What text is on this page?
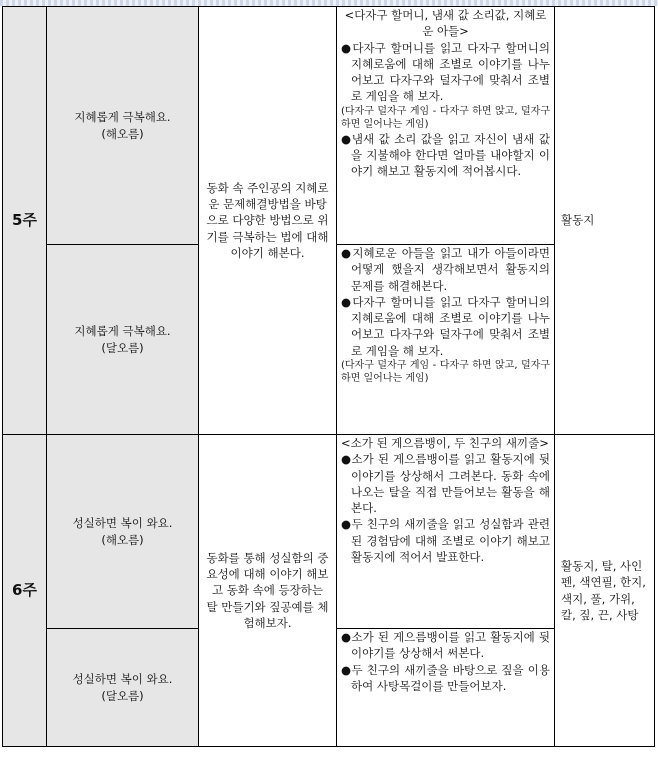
5주	지혜롭게 극복해요.
(해오름)	동화 속 주인공의 지혜로운 문제해결방법을 바탕으로 다양한 방법으로 위기를 극복하는 법에 대해 이야기 해본다.	<다자구 할머니, 냄새 값 소리값, 지혜로운 아들>
●다자구 할머니를 읽고 다자구 할머니의 지혜로움에 대해 조별로 이야기를 나누어보고 다자구와 덜자구에 맞춰서 조별로 게임을 해 보자.
(다자구 덜자구 게임 - 다자구 하면 앉고, 덜자구 하면 일어나는 게임)
●냄새 값 소리 값을 읽고 자신이 냄새 값을 지불해야 한다면 얼마를 내야할지 이야기 해보고 활동지에 적어봅시다.	활동지

	지혜롭게 극복해요.
(달오름)		●지혜로운 아들을 읽고 내가 아들이라면 어떻게 했을지 생각해보면서 활동지의 문제를 해결해본다.
●다자구 할머니를 읽고 다자구 할머니의 지혜로움에 대해 조별로 이야기를 나누어보고 다자구와 덜자구에 맞춰서 조별로 게임을 해 보자.
(다자구 덜자구 게임 - 다자구 하면 앉고, 덜자구 하면 일어나는 게임)	

6주	성실하면 복이 와요.
(해오름)	동화를 통해 성실함의 중요성에 대해 이야기 해보고 동화 속에 등장하는 탈 만들기와 짚공예를 체험해보자.	<소가 된 게으름뱅이, 두 친구의 새끼줄>
●소가 된 게으름뱅이를 읽고 활동지에 뒷이야기를 상상해서 그려본다. 동화 속에 나오는 탈을 직접 만들어보는 활동을 해본다.
●두 친구의 새끼줄을 읽고 성실함과 관련된 경험담에 대해 조별로 이야기 해보고 활동지에 적어서 발표한다.	활동지, 탈, 사인펜, 색연필, 한지, 색지, 풀, 가위, 칼, 짚, 끈, 사탕

	성실하면 복이 와요.
(달오름)		●소가 된 게으름뱅이를 읽고 활동지에 뒷이야기를 상상해서 써본다.
●두 친구의 새끼줄을 바탕으로 짚을 이용하여 사탕목걸이를 만들어보자.	
